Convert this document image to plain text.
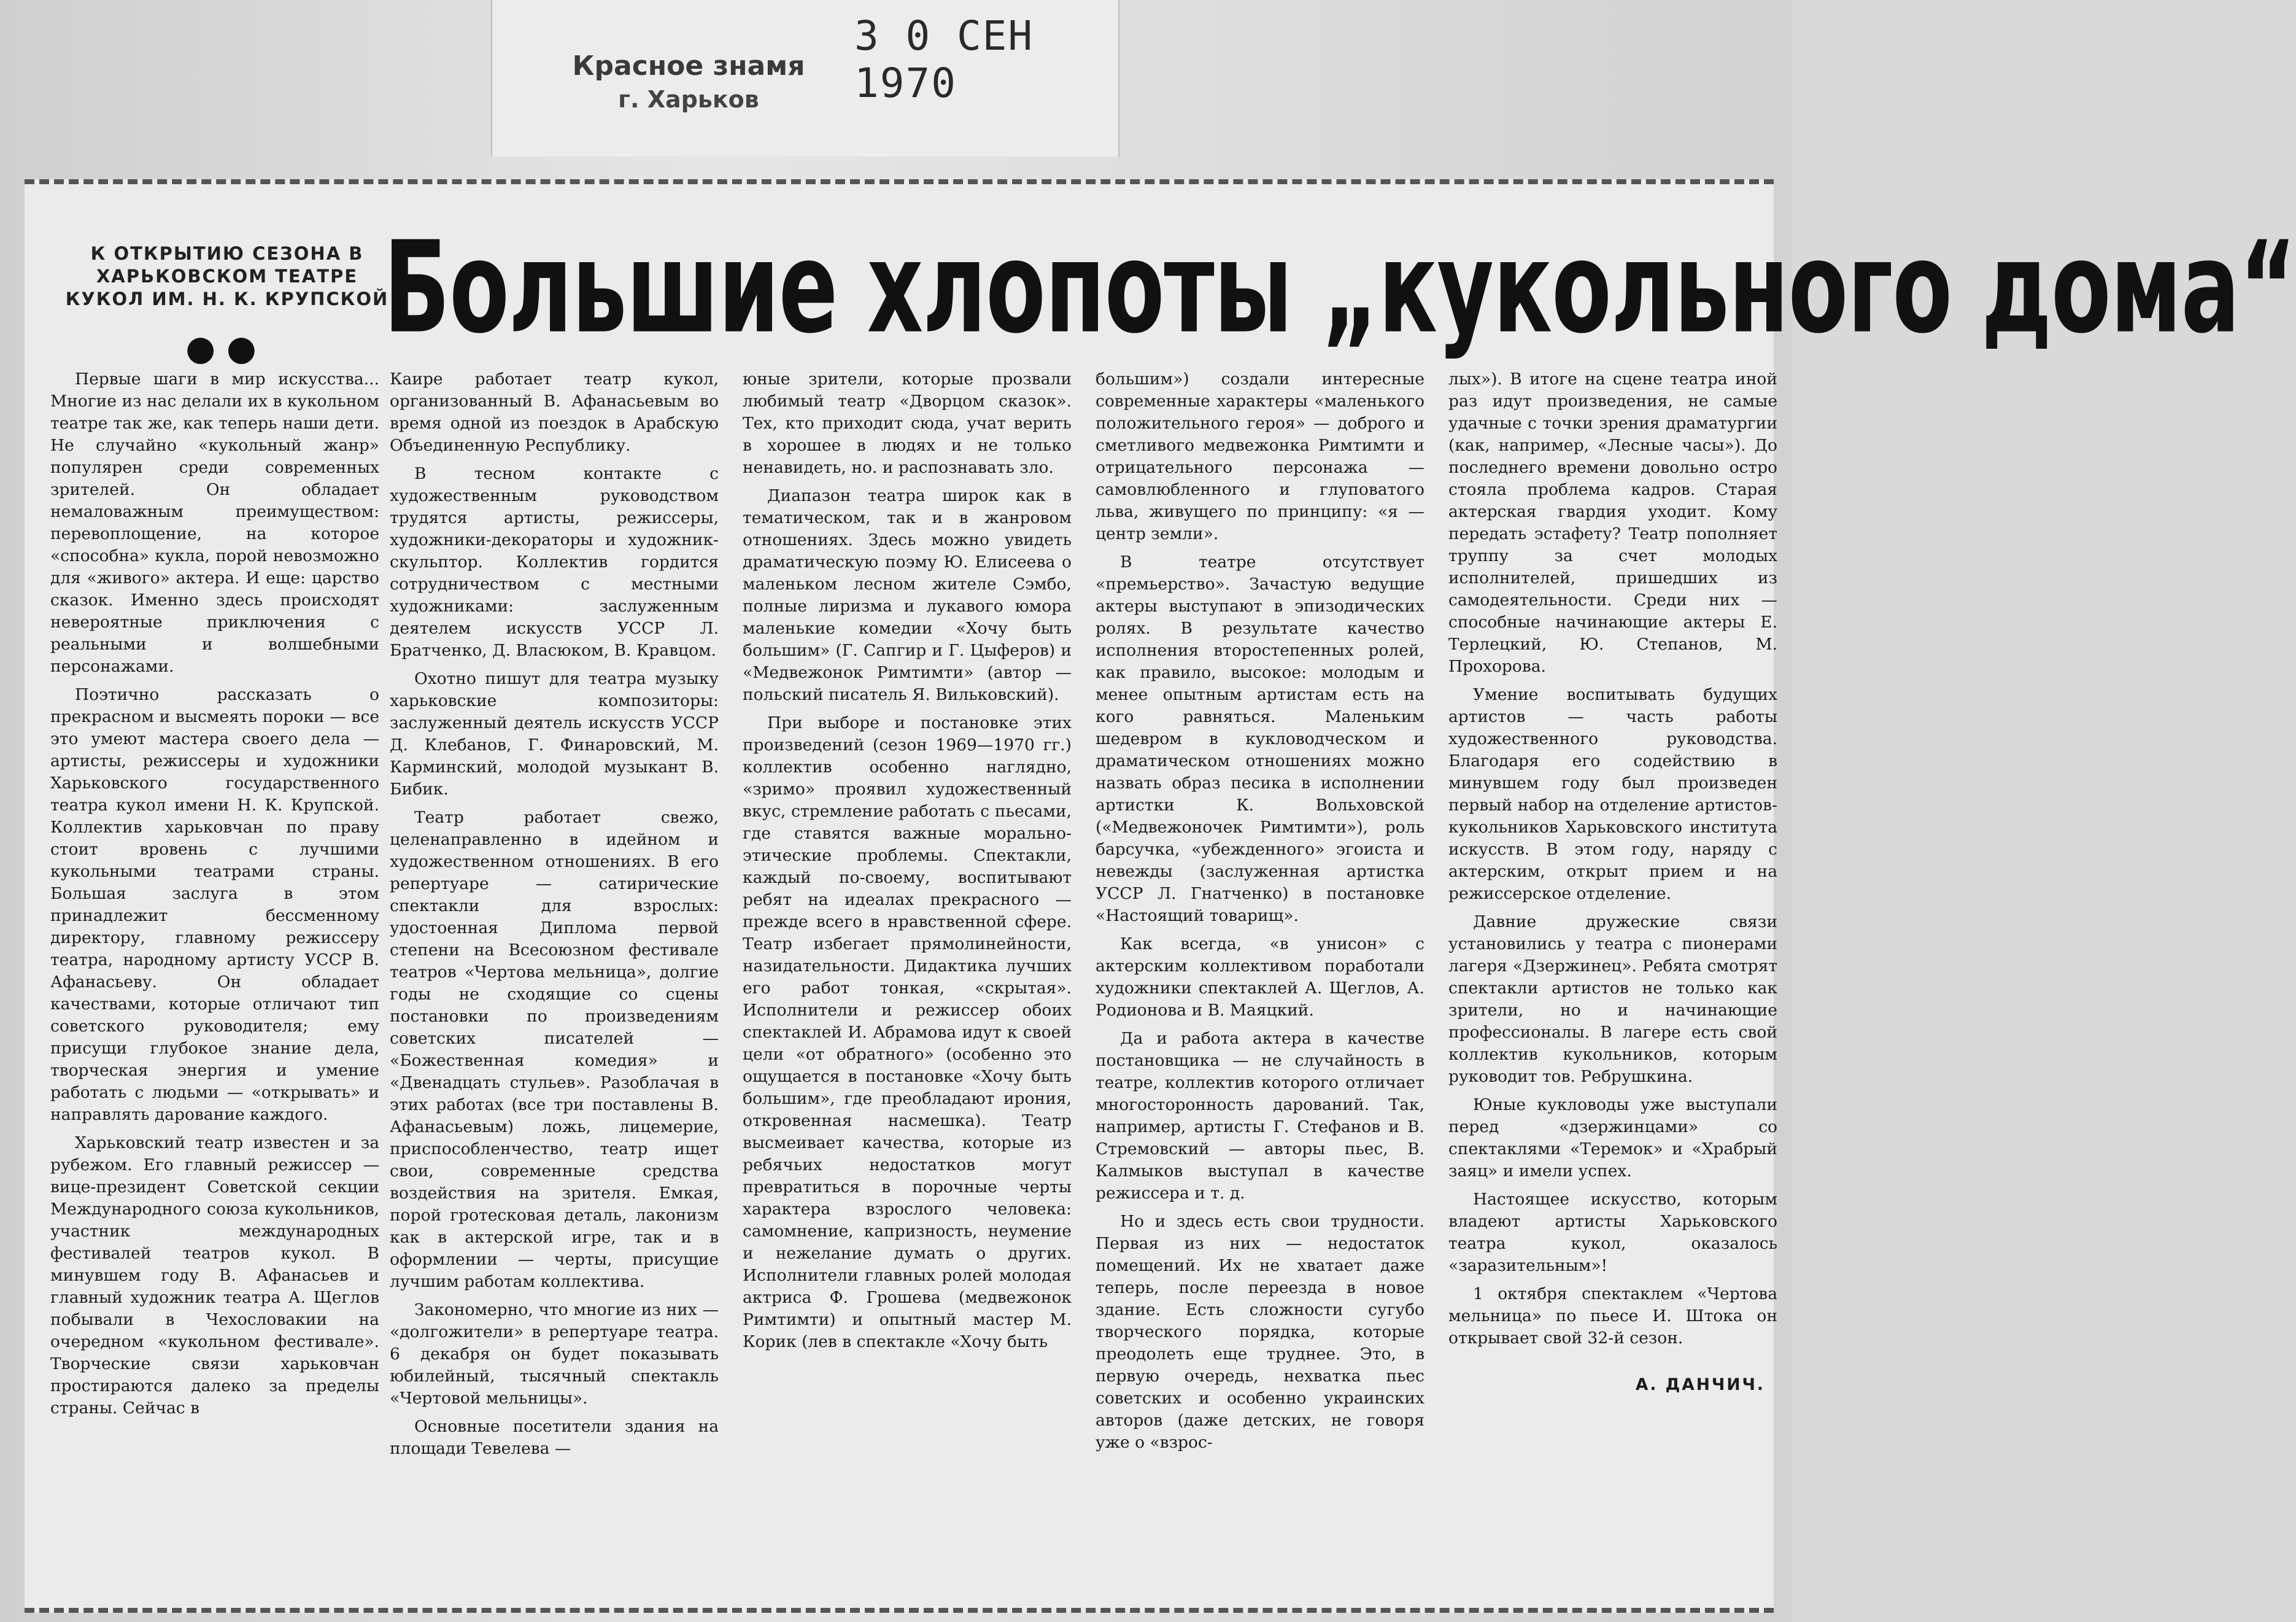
Красное знамя
г. Харьков
3 0 СЕН 1970
К ОТКРЫТИЮ СЕЗОНА В ХАРЬКОВСКОМ ТЕАТРЕ КУКОЛ ИМ. Н. К. КРУПСКОЙ
● ● Большие хлопоты „кукольного дома“

Первые шаги в мир искусства... Многие из нас делали их в кукольном театре так же, как теперь наши дети. Не случайно «кукольный жанр» популярен среди современных зрителей. Он обладает немаловажным преимуществом: перевоплощение, на которое «способна» кукла, порой невозможно для «живого» актера. И еще: царство сказок. Именно здесь происходят невероятные приключения с реальными и волшебными персонажами.

Поэтично рассказать о прекрасном и высмеять пороки — все это умеют мастера своего дела — артисты, режиссеры и художники Харьковского государственного театра кукол имени Н. К. Крупской. Коллектив харьковчан по праву стоит вровень с лучшими кукольными театрами страны. Большая заслуга в этом принадлежит бессменному директору, главному режиссеру театра, народному артисту УССР В. Афанасьеву. Он обладает качествами, которые отличают тип советского руководителя; ему присущи глубокое знание дела, творческая энергия и умение работать с людьми — «открывать» и направлять дарование каждого.

Харьковский театр известен и за рубежом. Его главный режиссер — вице-президент Советской секции Международного союза кукольников, участник международных фестивалей театров кукол. В минувшем году В. Афанасьев и главный художник театра А. Щеглов побывали в Чехословакии на очередном «кукольном фестивале». Творческие связи харьковчан простираются далеко за пределы страны. Сейчас в

Каире работает театр кукол, организованный В. Афанасьевым во время одной из поездок в Арабскую Объединенную Республику.

В тесном контакте с художественным руководством трудятся артисты, режиссеры, художники-декораторы и художник-скульптор. Коллектив гордится сотрудничеством с местными художниками: заслуженным деятелем искусств УССР Л. Братченко, Д. Власюком, В. Кравцом.

Охотно пишут для театра музыку харьковские композиторы: заслуженный деятель искусств УССР Д. Клебанов, Г. Финаровский, М. Карминский, молодой музыкант В. Бибик.

Театр работает свежо, целенаправленно в идейном и художественном отношениях. В его репертуаре — сатирические спектакли для взрослых: удостоенная Диплома первой степени на Всесоюзном фестивале театров «Чертова мельница», долгие годы не сходящие со сцены постановки по произведениям советских писателей — «Божественная комедия» и «Двенадцать стульев». Разоблачая в этих работах (все три поставлены В. Афанасьевым) ложь, лицемерие, приспособленчество, театр ищет свои, современные средства воздействия на зрителя. Емкая, порой гротесковая деталь, лаконизм как в актерской игре, так и в оформлении — черты, присущие лучшим работам коллектива.

Закономерно, что многие из них — «долгожители» в репертуаре театра. 6 декабря он будет показывать юбилейный, тысячный спектакль «Чертовой мельницы».

Основные посетители здания на площади Тевелева —

юные зрители, которые прозвали любимый театр «Дворцом сказок». Тех, кто приходит сюда, учат верить в хорошее в людях и не только ненавидеть, но. и распознавать зло.

Диапазон театра широк как в тематическом, так и в жанровом отношениях. Здесь можно увидеть драматическую поэму Ю. Елисеева о маленьком лесном жителе Сэмбо, полные лиризма и лукавого юмора маленькие комедии «Хочу быть большим» (Г. Сапгир и Г. Цыферов) и «Медвежонок Римтимти» (автор — польский писатель Я. Вильковский).

При выборе и постановке этих произведений (сезон 1969—1970 гг.) коллектив особенно наглядно, «зримо» проявил художественный вкус, стремление работать с пьесами, где ставятся важные морально-этические проблемы. Спектакли, каждый по-своему, воспитывают ребят на идеалах прекрасного — прежде всего в нравственной сфере. Театр избегает прямолинейности, назидательности. Дидактика лучших его работ тонкая, «скрытая». Исполнители и режиссер обоих спектаклей И. Абрамова идут к своей цели «от обратного» (особенно это ощущается в постановке «Хочу быть большим», где преобладают ирония, откровенная насмешка). Театр высмеивает качества, которые из ребячьих недостатков могут превратиться в порочные черты характера взрослого человека: самомнение, капризность, неумение и нежелание думать о других. Исполнители главных ролей молодая актриса Ф. Грошева (медвежонок Римтимти) и опытный мастер М. Корик (лев в спектакле «Хочу быть

большим») создали интересные современные характеры «маленького положительного героя» — доброго и сметливого медвежонка Римтимти и отрицательного персонажа — самовлюбленного и глуповатого льва, живущего по принципу: «я — центр земли».

В театре отсутствует «премьерство». Зачастую ведущие актеры выступают в эпизодических ролях. В результате качество исполнения второстепенных ролей, как правило, высокое: молодым и менее опытным артистам есть на кого равняться. Маленьким шедевром в кукловодческом и драматическом отношениях можно назвать образ песика в исполнении артистки К. Вольховской («Медвежоночек Римтимти»), роль барсучка, «убежденного» эгоиста и невежды (заслуженная артистка УССР Л. Гнатченко) в постановке «Настоящий товарищ».

Как всегда, «в унисон» с актерским коллективом поработали художники спектаклей А. Щеглов, А. Родионова и В. Маяцкий.

Да и работа актера в качестве постановщика — не случайность в театре, коллектив которого отличает многосторонность дарований. Так, например, артисты Г. Стефанов и В. Стремовский — авторы пьес, В. Калмыков выступал в качестве режиссера и т. д.

Но и здесь есть свои трудности. Первая из них — недостаток помещений. Их не хватает даже теперь, после переезда в новое здание. Есть сложности сугубо творческого порядка, которые преодолеть еще труднее. Это, в первую очередь, нехватка пьес советских и особенно украинских авторов (даже детских, не говоря уже о «взрос-

лых»). В итоге на сцене театра иной раз идут произведения, не самые удачные с точки зрения драматургии (как, например, «Лесные часы»). До последнего времени довольно остро стояла проблема кадров. Старая актерская гвардия уходит. Кому передать эстафету? Театр пополняет труппу за счет молодых исполнителей, пришедших из самодеятельности. Среди них — способные начинающие актеры Е. Терлецкий, Ю. Степанов, М. Прохорова.

Умение воспитывать будущих артистов — часть работы художественного руководства. Благодаря его содействию в минувшем году был произведен первый набор на отделение артистов-кукольников Харьковского института искусств. В этом году, наряду с актерским, открыт прием и на режиссерское отделение.

Давние дружеские связи установились у театра с пионерами лагеря «Дзержинец». Ребята смотрят спектакли артистов не только как зрители, но и начинающие профессионалы. В лагере есть свой коллектив кукольников, которым руководит тов. Ребрушкина.

Юные кукловоды уже выступали перед «дзержинцами» со спектаклями «Теремок» и «Храбрый заяц» и имели успех.

Настоящее искусство, которым владеют артисты Харьковского театра кукол, оказалось «заразительным»!

1 октября спектаклем «Чертова мельница» по пьесе И. Штока он открывает свой 32-й сезон.

А. ДАНЧИЧ.
